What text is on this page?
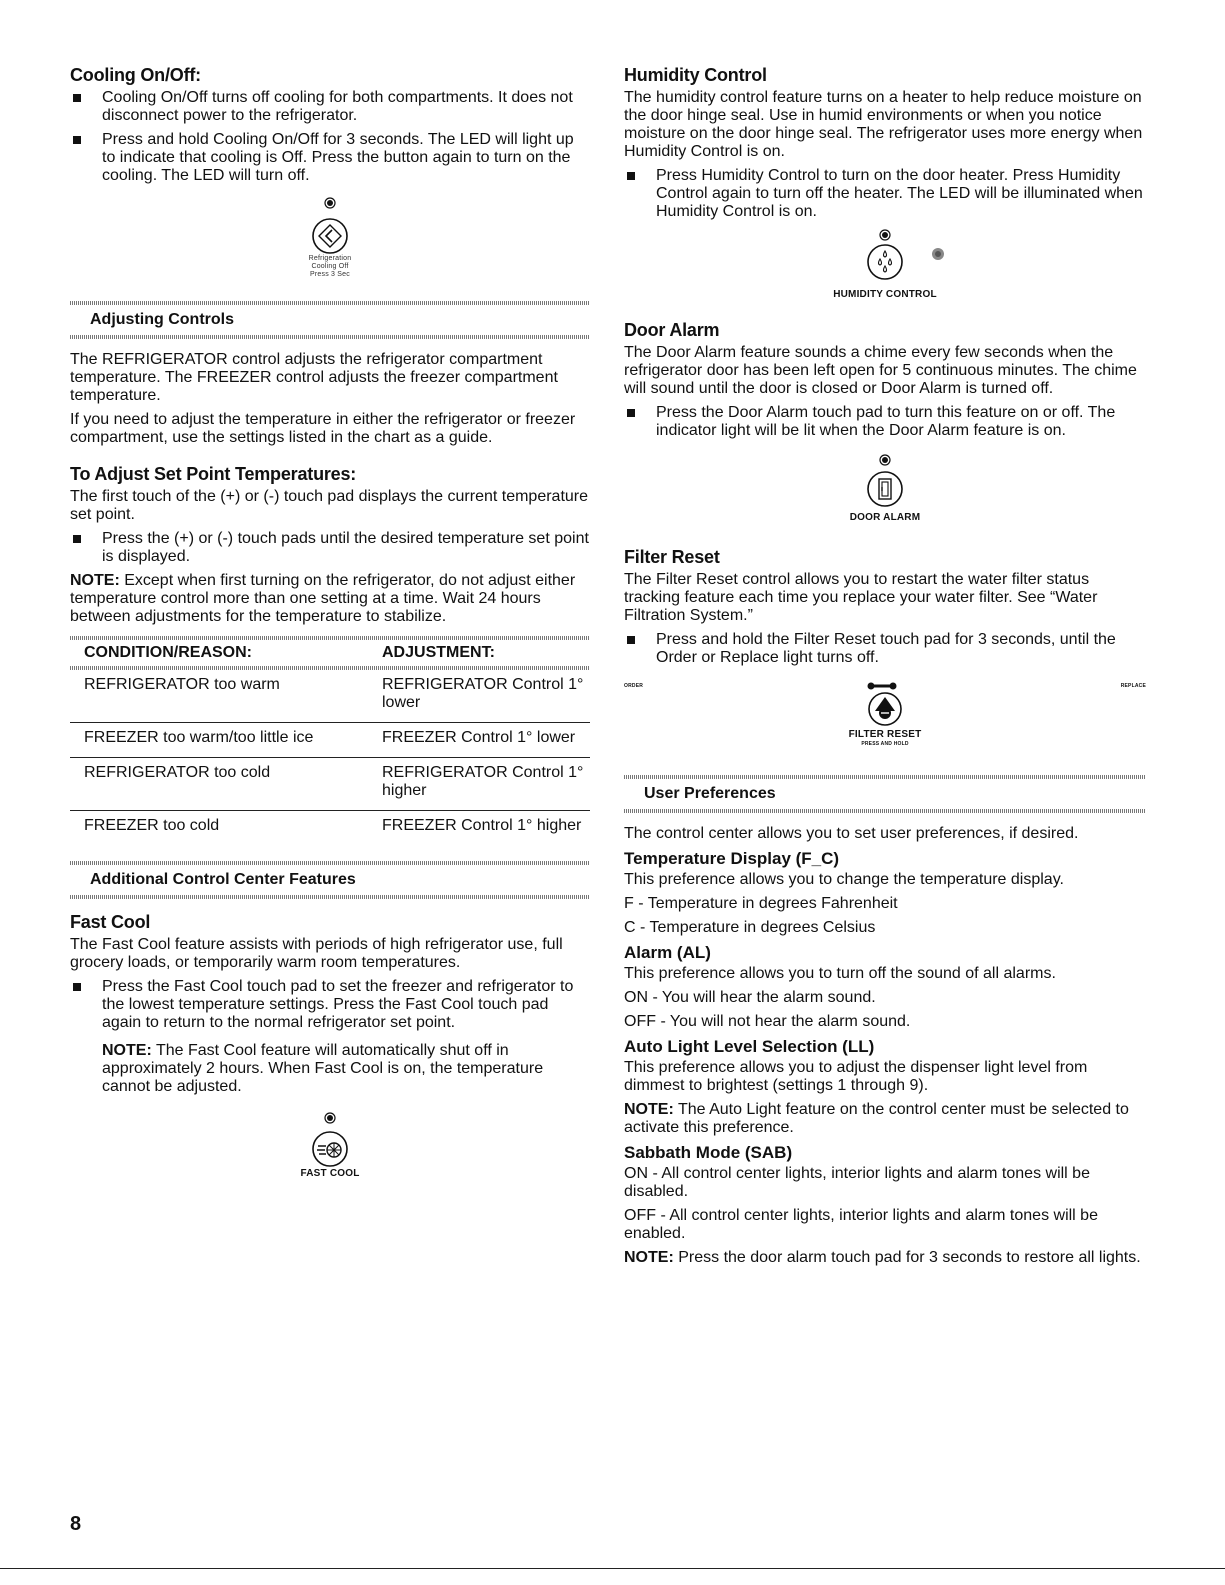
Cooling On/Off:
Cooling On/Off turns off cooling for both compartments. It does not disconnect power to the refrigerator.
Press and hold Cooling On/Off for 3 seconds. The LED will light up to indicate that cooling is Off. Press the button again to turn on the cooling. The LED will turn off.
Refrigeration
Cooling Off
Press 3 Sec
Adjusting Controls

The REFRIGERATOR control adjusts the refrigerator compartment temperature. The FREEZER control adjusts the freezer compartment temperature.

If you need to adjust the temperature in either the refrigerator or freezer compartment, use the settings listed in the chart as a guide.

To Adjust Set Point Temperatures:

The first touch of the (+) or (-) touch pad displays the current temperature set point.

Press the (+) or (-) touch pads until the desired temperature set point is displayed.

NOTE: Except when first turning on the refrigerator, do not adjust either temperature control more than one setting at a time. Wait 24 hours between adjustments for the temperature to stabilize.

CONDITION/REASON:	ADJUSTMENT:

REFRIGERATOR too warm	REFRIGERATOR Control 1° lower
FREEZER too warm/too little ice	FREEZER Control 1° lower
REFRIGERATOR too cold	REFRIGERATOR Control 1° higher
FREEZER too cold	FREEZER Control 1° higher
Additional Control Center Features
Fast Cool

The Fast Cool feature assists with periods of high refrigerator use, full grocery loads, or temporarily warm room temperatures.

Press the Fast Cool touch pad to set the freezer and refrigerator to the lowest temperature settings. Press the Fast Cool touch pad again to return to the normal refrigerator set point.
NOTE: The Fast Cool feature will automatically shut off in approximately 2 hours. When Fast Cool is on, the temperature cannot be adjusted.
FAST COOL
Humidity Control

The humidity control feature turns on a heater to help reduce moisture on the door hinge seal. Use in humid environments or when you notice moisture on the door hinge seal. The refrigerator uses more energy when Humidity Control is on.

Press Humidity Control to turn on the door heater. Press Humidity Control again to turn off the heater. The LED will be illuminated when Humidity Control is on.
HUMIDITY CONTROL
Door Alarm

The Door Alarm feature sounds a chime every few seconds when the refrigerator door has been left open for 5 continuous minutes. The chime will sound until the door is closed or Door Alarm is turned off.

Press the Door Alarm touch pad to turn this feature on or off. The indicator light will be lit when the Door Alarm feature is on.
DOOR ALARM
Filter Reset

The Filter Reset control allows you to restart the water filter status tracking feature each time you replace your water filter. See “Water Filtration System.”

Press and hold the Filter Reset touch pad for 3 seconds, until the Order or Replace light turns off.
ORDER	REPLACE
FILTER RESET
PRESS AND HOLD
User Preferences

The control center allows you to set user preferences, if desired.

Temperature Display (F_C)

This preference allows you to change the temperature display.

F - Temperature in degrees Fahrenheit

C - Temperature in degrees Celsius

Alarm (AL)

This preference allows you to turn off the sound of all alarms.

ON - You will hear the alarm sound.

OFF - You will not hear the alarm sound.

Auto Light Level Selection (LL)

This preference allows you to adjust the dispenser light level from dimmest to brightest (settings 1 through 9).

NOTE: The Auto Light feature on the control center must be selected to activate this preference.

Sabbath Mode (SAB)

ON - All control center lights, interior lights and alarm tones will be disabled.

OFF - All control center lights, interior lights and alarm tones will be enabled.

NOTE: Press the door alarm touch pad for 3 seconds to restore all lights.

8
